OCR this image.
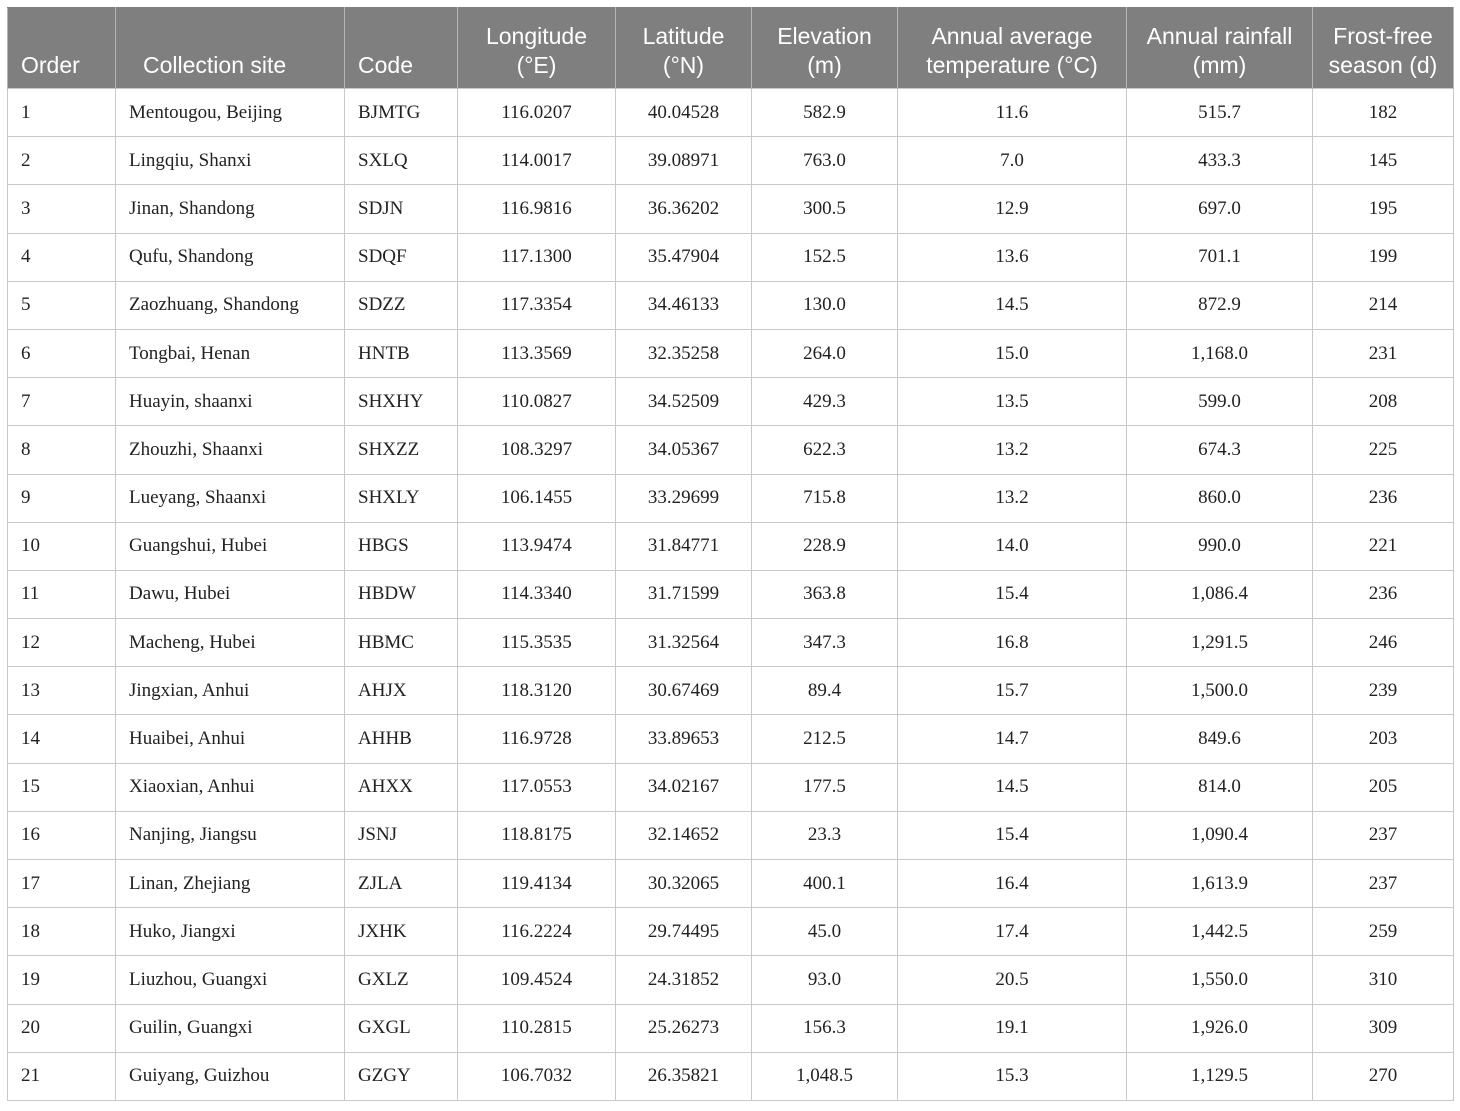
Order	Collection site	Code	Longitude (°E)	Latitude (°N)	Elevation (m)	Annual average temperature (°C)	Annual rainfall (mm)	Frost-free season (d)
1	Mentougou, Beijing	BJMTG	116.0207	40.04528	582.9	11.6	515.7	182
2	Lingqiu, Shanxi	SXLQ	114.0017	39.08971	763.0	7.0	433.3	145
3	Jinan, Shandong	SDJN	116.9816	36.36202	300.5	12.9	697.0	195
4	Qufu, Shandong	SDQF	117.1300	35.47904	152.5	13.6	701.1	199
5	Zaozhuang, Shandong	SDZZ	117.3354	34.46133	130.0	14.5	872.9	214
6	Tongbai, Henan	HNTB	113.3569	32.35258	264.0	15.0	1,168.0	231
7	Huayin, shaanxi	SHXHY	110.0827	34.52509	429.3	13.5	599.0	208
8	Zhouzhi, Shaanxi	SHXZZ	108.3297	34.05367	622.3	13.2	674.3	225
9	Lueyang, Shaanxi	SHXLY	106.1455	33.29699	715.8	13.2	860.0	236
10	Guangshui, Hubei	HBGS	113.9474	31.84771	228.9	14.0	990.0	221
11	Dawu, Hubei	HBDW	114.3340	31.71599	363.8	15.4	1,086.4	236
12	Macheng, Hubei	HBMC	115.3535	31.32564	347.3	16.8	1,291.5	246
13	Jingxian, Anhui	AHJX	118.3120	30.67469	89.4	15.7	1,500.0	239
14	Huaibei, Anhui	AHHB	116.9728	33.89653	212.5	14.7	849.6	203
15	Xiaoxian, Anhui	AHXX	117.0553	34.02167	177.5	14.5	814.0	205
16	Nanjing, Jiangsu	JSNJ	118.8175	32.14652	23.3	15.4	1,090.4	237
17	Linan, Zhejiang	ZJLA	119.4134	30.32065	400.1	16.4	1,613.9	237
18	Huko, Jiangxi	JXHK	116.2224	29.74495	45.0	17.4	1,442.5	259
19	Liuzhou, Guangxi	GXLZ	109.4524	24.31852	93.0	20.5	1,550.0	310
20	Guilin, Guangxi	GXGL	110.2815	25.26273	156.3	19.1	1,926.0	309
21	Guiyang, Guizhou	GZGY	106.7032	26.35821	1,048.5	15.3	1,129.5	270
